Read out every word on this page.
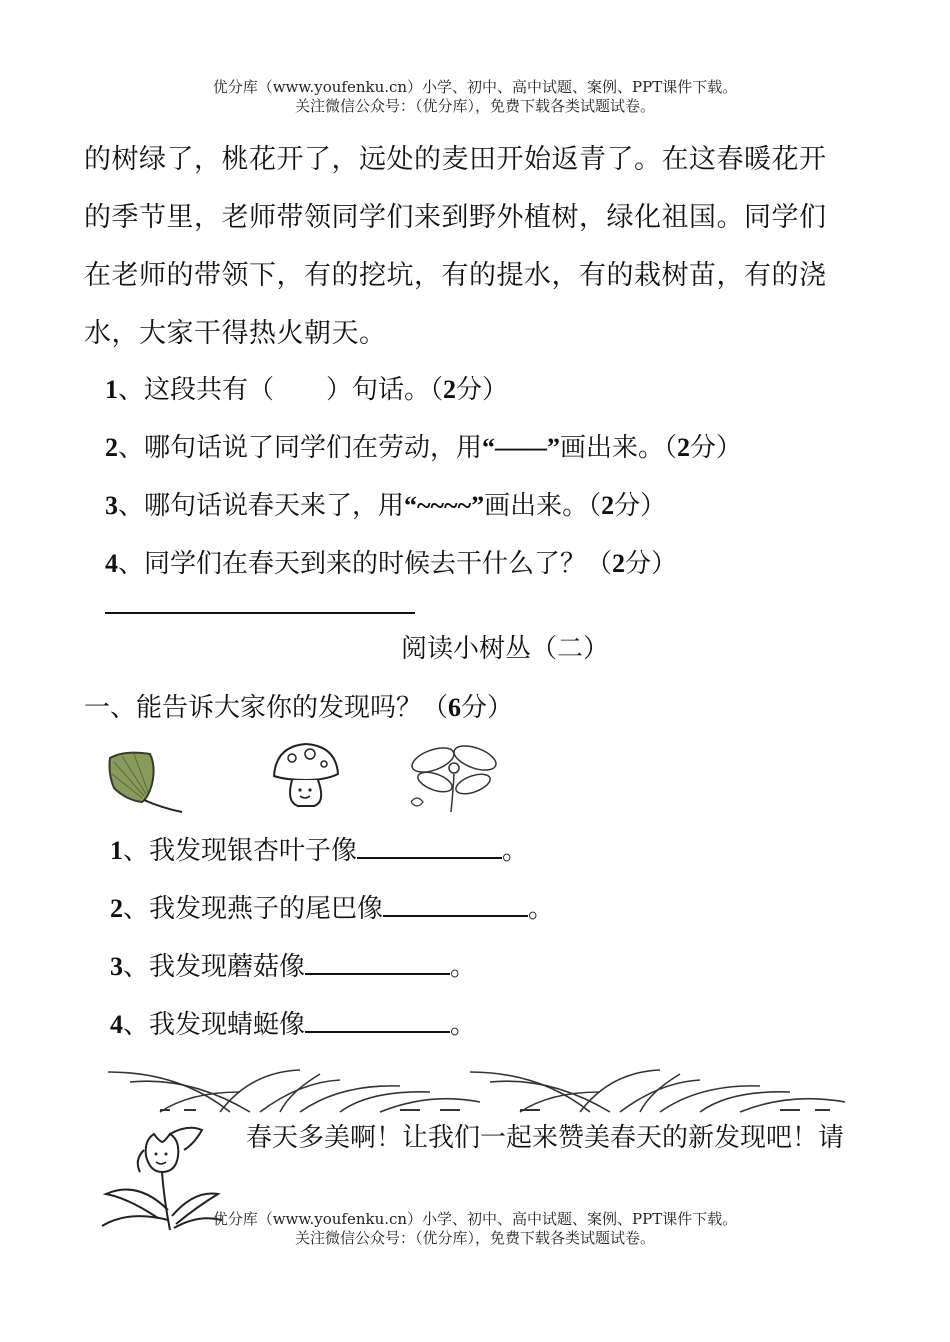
优分库（www.youfenku.cn）小学、初中、高中试题、案例、PPT课件下载。
关注微信公众号：（优分库），免费下载各类试题试卷。
的树绿了，桃花开了，远处的麦田开始返青了。在这春暖花开
的季节里，老师带领同学们来到野外植树，绿化祖国。同学们
在老师的带领下，有的挖坑，有的提水，有的栽树苗，有的浇
水，大家干得热火朝天。
1、这段共有（　　）句话。（2分）
2、哪句话说了同学们在劳动，用“——”画出来。（2分）
3、哪句话说春天来了，用“~~~~”画出来。（2分）
4、同学们在春天到来的时候去干什么了？（2分）
阅读小树丛（二）
一、能告诉大家你的发现吗？（6分）
1、我发现银杏叶子像	。
2、我发现燕子的尾巴像	。
3、我发现蘑菇像	。
4、我发现蜻蜓像	。
春天多美啊！让我们一起来赞美春天的新发现吧！请
优分库（www.youfenku.cn）小学、初中、高中试题、案例、PPT课件下载。
关注微信公众号：（优分库），免费下载各类试题试卷。
